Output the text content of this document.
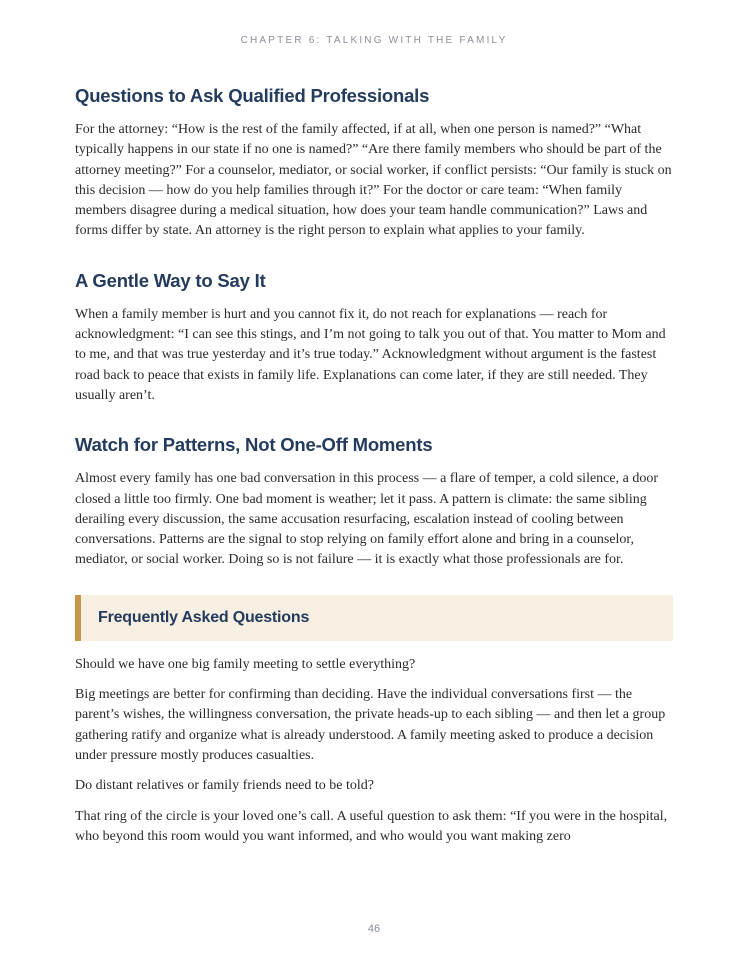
CHAPTER 6: TALKING WITH THE FAMILY
Questions to Ask Qualified Professionals

For the attorney: “How is the rest of the family affected, if at all, when one person is named?” “What typically happens in our state if no one is named?” “Are there family members who should be part of the attorney meeting?” For a counselor, mediator, or social worker, if conflict persists: “Our family is stuck on this decision — how do you help families through it?” For the doctor or care team: “When family members disagree during a medical situation, how does your team handle communication?” Laws and forms differ by state. An attorney is the right person to explain what applies to your family.

A Gentle Way to Say It

When a family member is hurt and you cannot fix it, do not reach for explanations — reach for acknowledgment: “I can see this stings, and I’m not going to talk you out of that. You matter to Mom and to me, and that was true yesterday and it’s true today.” Acknowledgment without argument is the fastest road back to peace that exists in family life. Explanations can come later, if they are still needed. They usually aren’t.

Watch for Patterns, Not One-Off Moments

Almost every family has one bad conversation in this process — a flare of temper, a cold silence, a door closed a little too firmly. One bad moment is weather; let it pass. A pattern is climate: the same sibling derailing every discussion, the same accusation resurfacing, escalation instead of cooling between conversations. Patterns are the signal to stop relying on family effort alone and bring in a counselor, mediator, or social worker. Doing so is not failure — it is exactly what those professionals are for.

Frequently Asked Questions

Should we have one big family meeting to settle everything?

Big meetings are better for confirming than deciding. Have the individual conversations first — the parent’s wishes, the willingness conversation, the private heads-up to each sibling — and then let a group gathering ratify and organize what is already understood. A family meeting asked to produce a decision under pressure mostly produces casualties.

Do distant relatives or family friends need to be told?

That ring of the circle is your loved one’s call. A useful question to ask them: “If you were in the hospital, who beyond this room would you want informed, and who would you want making zero

46
